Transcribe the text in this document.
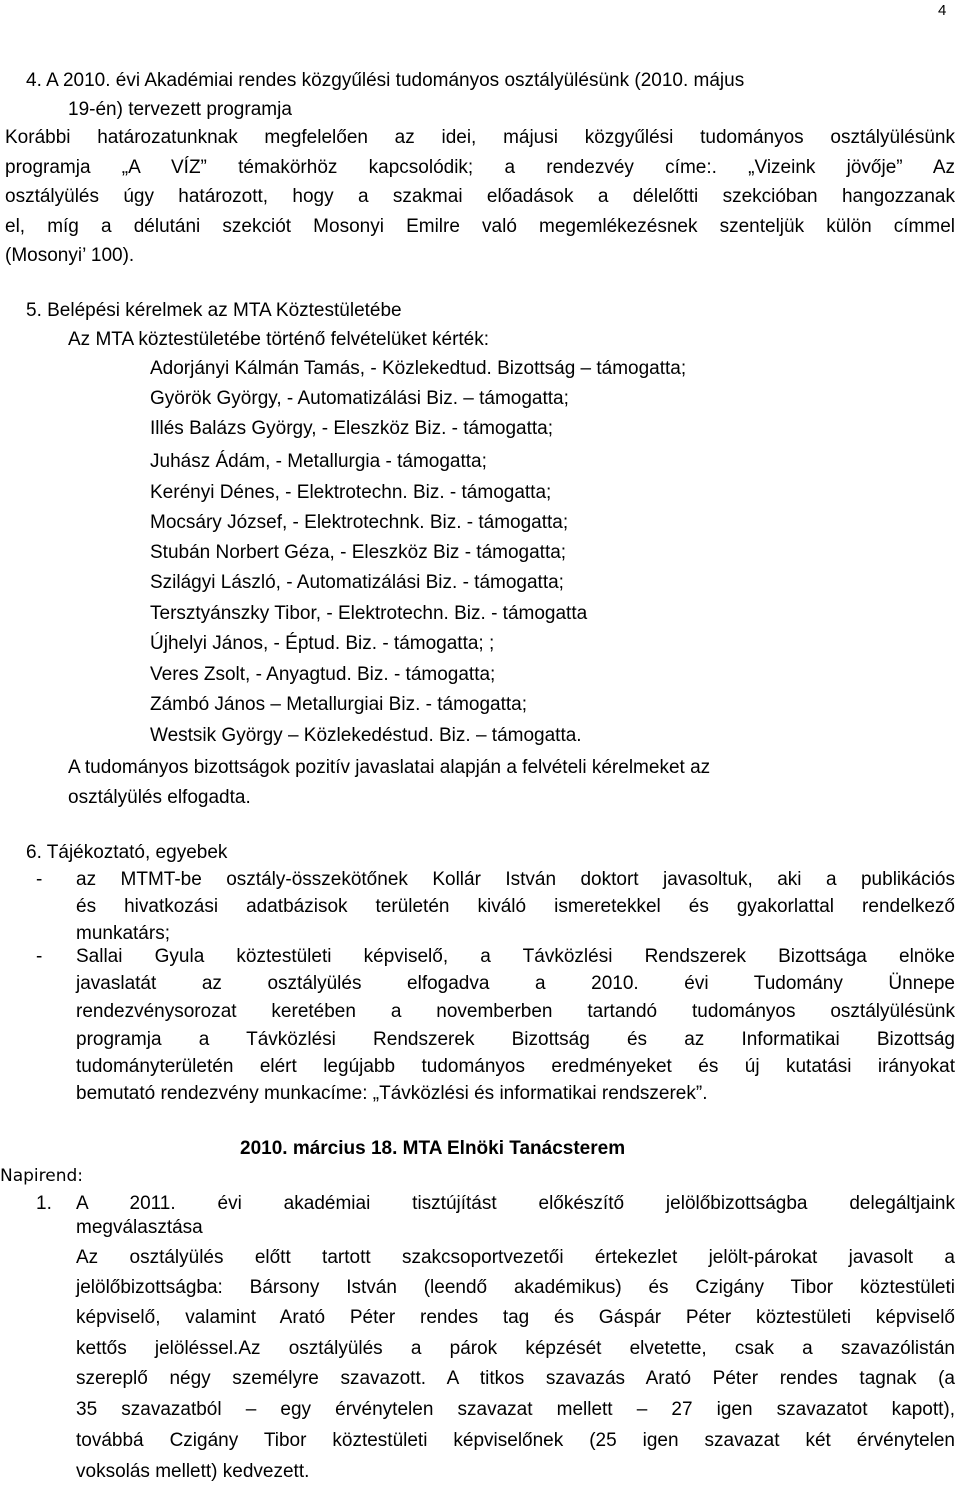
4
4. A 2010. évi Akadémiai rendes közgyűlési tudományos osztályülésünk (2010. május
19-én) tervezett programja
Korábbi határozatunknak megfelelően az idei, májusi közgyűlési tudományos osztályülésünk
programja „A VÍZ” témakörhöz kapcsolódik; a rendezvéy címe:. „Vizeink jövője” Az
osztályülés úgy határozott, hogy a szakmai előadások a délelőtti szekcióban hangozzanak
el, míg a délutáni szekciót Mosonyi Emilre való megemlékezésnek szenteljük külön címmel
(Mosonyi’ 100).
5. Belépési kérelmek az MTA Köztestületébe
Az MTA köztestületébe történő felvételüket kérték:
Adorjányi Kálmán Tamás, - Közlekedtud. Bizottság – támogatta;
Györök György, - Automatizálási Biz. – támogatta;
Illés Balázs György, - Eleszköz Biz. - támogatta;
Juhász Ádám, - Metallurgia - támogatta;
Kerényi Dénes, - Elektrotechn. Biz. - támogatta;
Mocsáry József, - Elektrotechnk. Biz. - támogatta;
Stubán Norbert Géza, - Eleszköz Biz - támogatta;
Szilágyi László, - Automatizálási Biz. - támogatta;
Tersztyánszky Tibor, - Elektrotechn. Biz. - támogatta
Újhelyi János, - Éptud. Biz. - támogatta; ;
Veres Zsolt, - Anyagtud. Biz. - támogatta;
Zámbó János – Metallurgiai Biz. - támogatta;
Westsik György – Közlekedéstud. Biz. – támogatta.
A tudományos bizottságok pozitív javaslatai alapján a felvételi kérelmeket az
osztályülés elfogadta.
6. Tájékoztató, egyebek
- az MTMT-be osztály-összekötőnek Kollár István doktort javasoltuk, aki a publikációs
és hivatkozási adatbázisok területén kiváló ismeretekkel és gyakorlattal rendelkező
munkatárs;
- Sallai Gyula köztestületi képviselő, a Távközlési Rendszerek Bizottsága elnöke
javaslatát az osztályülés elfogadva a 2010. évi Tudomány Ünnepe
rendezvénysorozat keretében a novemberben tartandó tudományos osztályülésünk
programja a Távközlési Rendszerek Bizottság és az Informatikai Bizottság
tudományterületén elért legújabb tudományos eredményeket és új kutatási irányokat
bemutató rendezvény munkacíme: „Távközlési és informatikai rendszerek”.
2010. március 18. MTA Elnöki Tanácsterem
Napirend:
1. A 2011. évi akadémiai tisztújítást előkészítő jelölőbizottságba delegáltjaink
megválasztása
Az osztályülés előtt tartott szakcsoportvezetői értekezlet jelölt-párokat javasolt a
jelölőbizottságba: Bársony István (leendő akadémikus) és Czigány Tibor köztestületi
képviselő, valamint Arató Péter rendes tag és Gáspár Péter köztestületi képviselő
kettős jelöléssel.Az osztályülés a párok képzését elvetette, csak a szavazólistán
szereplő négy személyre szavazott. A titkos szavazás Arató Péter rendes tagnak (a
35 szavazatból – egy érvénytelen szavazat mellett – 27 igen szavazatot kapott),
továbbá Czigány Tibor köztestületi képviselőnek (25 igen szavazat két érvénytelen
voksolás mellett) kedvezett.
